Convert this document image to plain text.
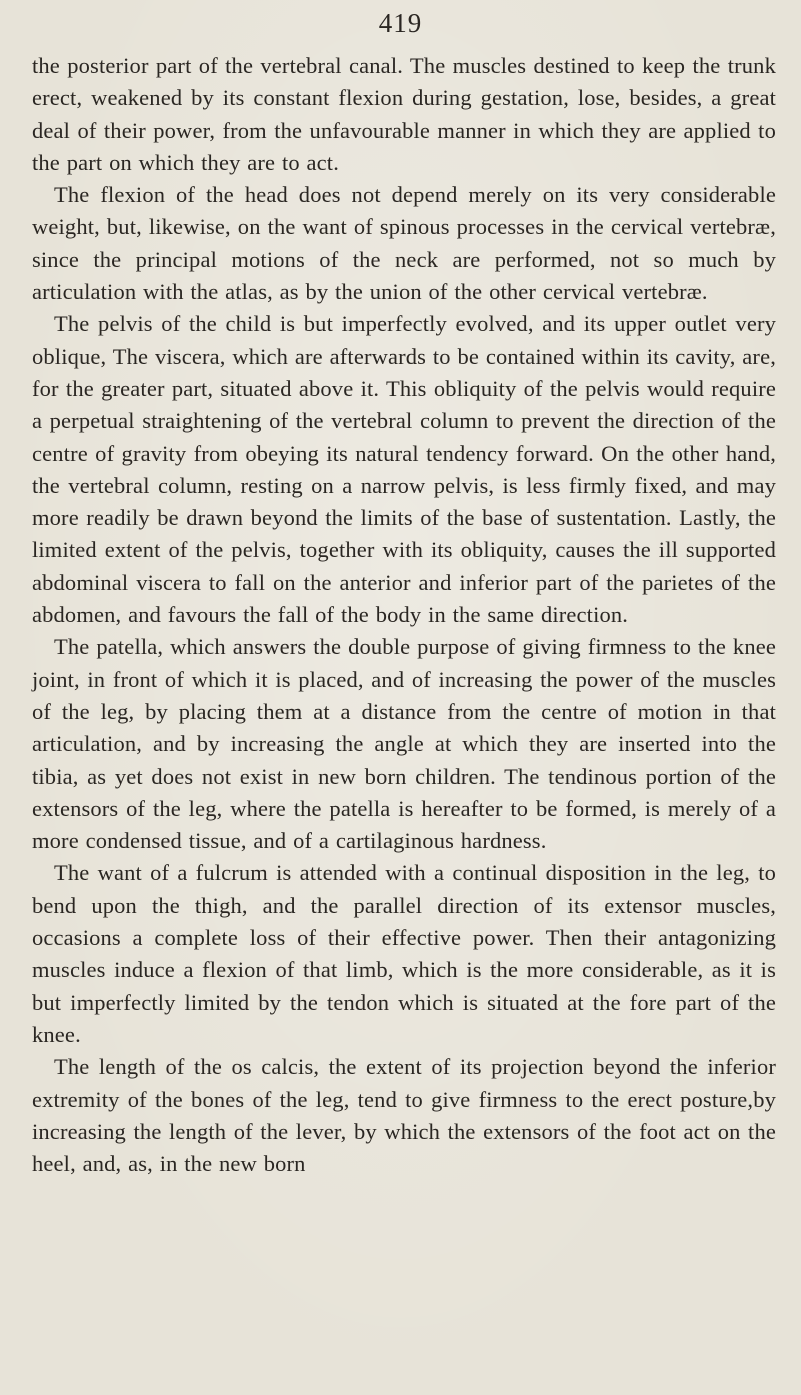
419

the posterior part of the vertebral canal. The muscles destined to keep the trunk erect, weakened by its constant flexion during gestation, lose, besides, a great deal of their power, from the unfavourable manner in which they are applied to the part on which they are to act.

The flexion of the head does not depend merely on its very considerable weight, but, likewise, on the want of spinous processes in the cervical vertebræ, since the principal motions of the neck are performed, not so much by articulation with the atlas, as by the union of the other cervical vertebræ.

The pelvis of the child is but imperfectly evolved, and its upper outlet very oblique, The viscera, which are afterwards to be contained within its cavity, are, for the greater part, situated above it. This obliquity of the pelvis would require a perpetual straightening of the vertebral column to prevent the direction of the centre of gravity from obeying its natural tendency forward. On the other hand, the vertebral column, resting on a narrow pelvis, is less firmly fixed, and may more readily be drawn beyond the limits of the base of sustentation. Lastly, the limited extent of the pelvis, together with its obliquity, causes the ill supported abdominal viscera to fall on the anterior and inferior part of the parietes of the abdomen, and favours the fall of the body in the same direction.

The patella, which answers the double purpose of giving firmness to the knee joint, in front of which it is placed, and of increasing the power of the muscles of the leg, by placing them at a distance from the centre of motion in that articulation, and by increasing the angle at which they are inserted into the tibia, as yet does not exist in new born children. The tendinous portion of the extensors of the leg, where the patella is hereafter to be formed, is merely of a more condensed tissue, and of a cartilaginous hardness.

The want of a fulcrum is attended with a continual disposition in the leg, to bend upon the thigh, and the parallel direction of its extensor muscles, occasions a complete loss of their effective power. Then their antagonizing muscles induce a flexion of that limb, which is the more considerable, as it is but imperfectly limited by the tendon which is situated at the fore part of the knee.

The length of the os calcis, the extent of its projection beyond the inferior extremity of the bones of the leg, tend to give firmness to the erect posture,by increasing the length of the lever, by which the extensors of the foot act on the heel, and, as, in the new born
